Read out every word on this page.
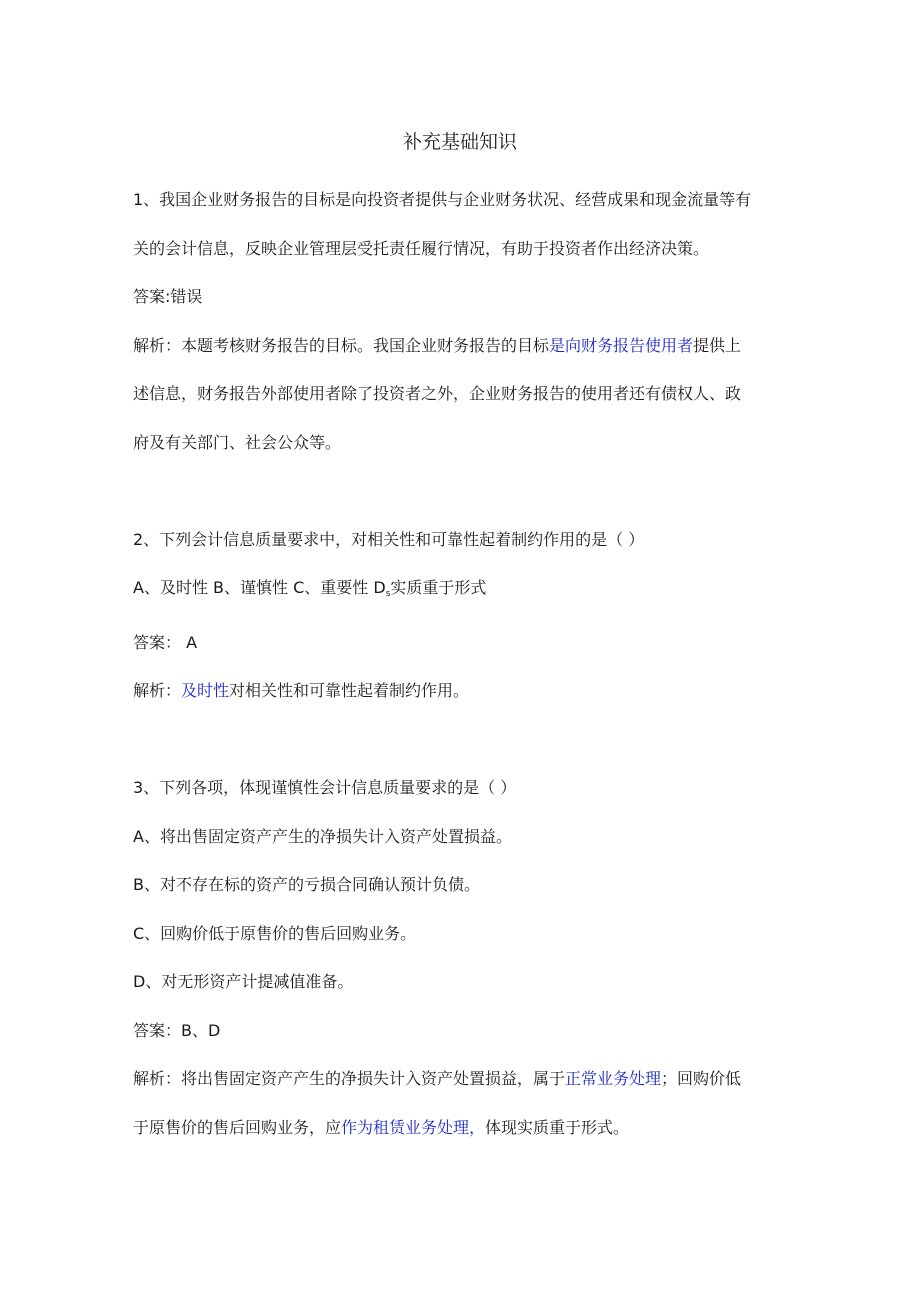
补充基础知识

1、我国企业财务报告的目标是向投资者提供与企业财务状况、经营成果和现金流量等有

关的会计信息，反映企业管理层受托责任履行情况，有助于投资者作出经济决策。

答案:错误

解析：本题考核财务报告的目标。我国企业财务报告的目标是向财务报告使用者提供上

述信息，财务报告外部使用者除了投资者之外，企业财务报告的使用者还有债权人、政

府及有关部门、社会公众等。

2、下列会计信息质量要求中，对相关性和可靠性起着制约作用的是（ ）

A、及时性 B、谨慎性 C、重要性 $D_s$实质重于形式

答案： A

解析：及时性对相关性和可靠性起着制约作用。

3、下列各项，体现谨慎性会计信息质量要求的是（ ）

A、将出售固定资产产生的净损失计入资产处置损益。

B、对不存在标的资产的亏损合同确认预计负债。

C、回购价低于原售价的售后回购业务。

D、对无形资产计提减值准备。

答案：B、D

解析：将出售固定资产产生的净损失计入资产处置损益，属于正常业务处理；回购价低

于原售价的售后回购业务，应作为租赁业务处理，体现实质重于形式。
